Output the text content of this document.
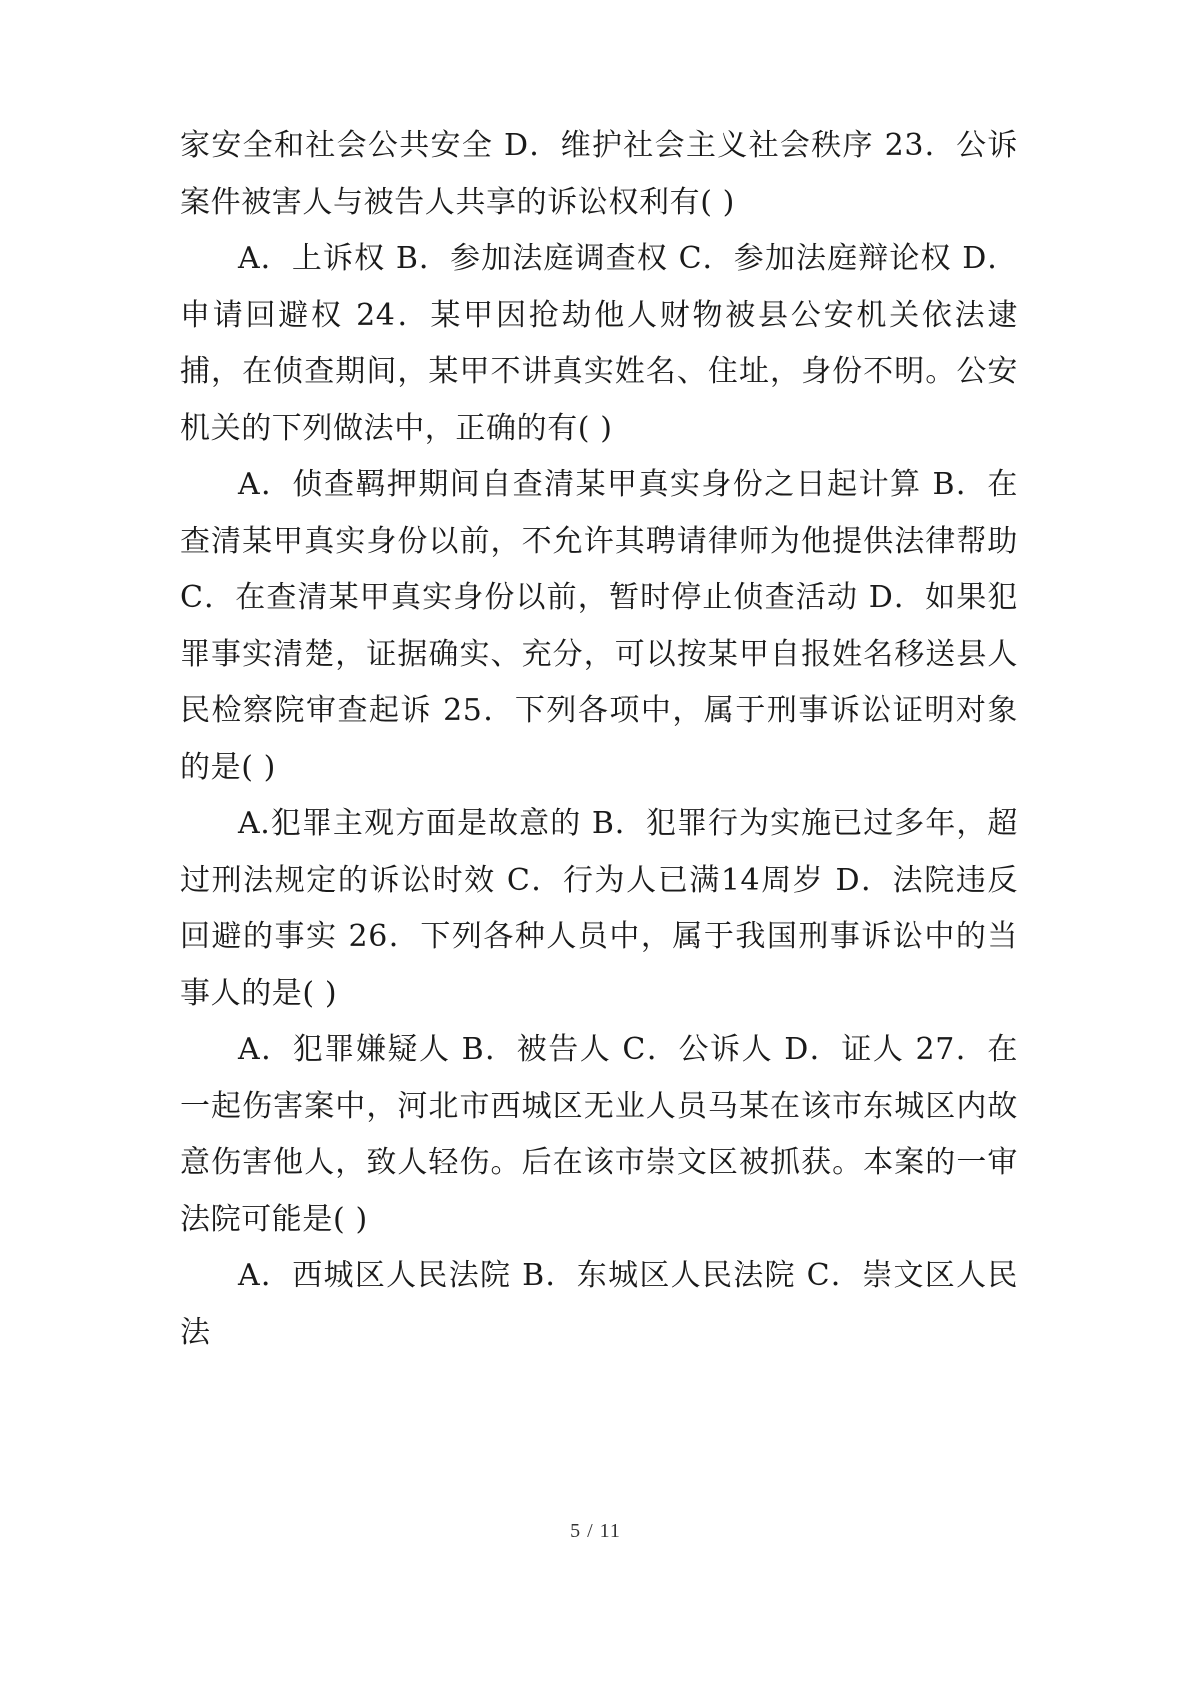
家安全和社会公共安全 D．维护社会主义社会秩序 23．公诉案件被害人与被告人共享的诉讼权利有( )

A．上诉权 B．参加法庭调查权 C．参加法庭辩论权 D．申请回避权 24．某甲因抢劫他人财物被县公安机关依法逮捕，在侦查期间，某甲不讲真实姓名、住址，身份不明。公安机关的下列做法中，正确的有( )

A．侦查羁押期间自查清某甲真实身份之日起计算 B．在查清某甲真实身份以前，不允许其聘请律师为他提供法律帮助 C．在查清某甲真实身份以前，暂时停止侦查活动 D．如果犯罪事实清楚，证据确实、充分，可以按某甲自报姓名移送县人民检察院审查起诉 25．下列各项中，属于刑事诉讼证明对象的是( )

A.犯罪主观方面是故意的 B．犯罪行为实施已过多年，超过刑法规定的诉讼时效 C．行为人已满14周岁 D．法院违反回避的事实 26．下列各种人员中，属于我国刑事诉讼中的当事人的是( )

A．犯罪嫌疑人 B．被告人 C．公诉人 D．证人 27．在一起伤害案中，河北市西城区无业人员马某在该市东城区内故意伤害他人，致人轻伤。后在该市崇文区被抓获。本案的一审法院可能是( )

A．西城区人民法院 B．东城区人民法院 C．崇文区人民法

5 / 11
